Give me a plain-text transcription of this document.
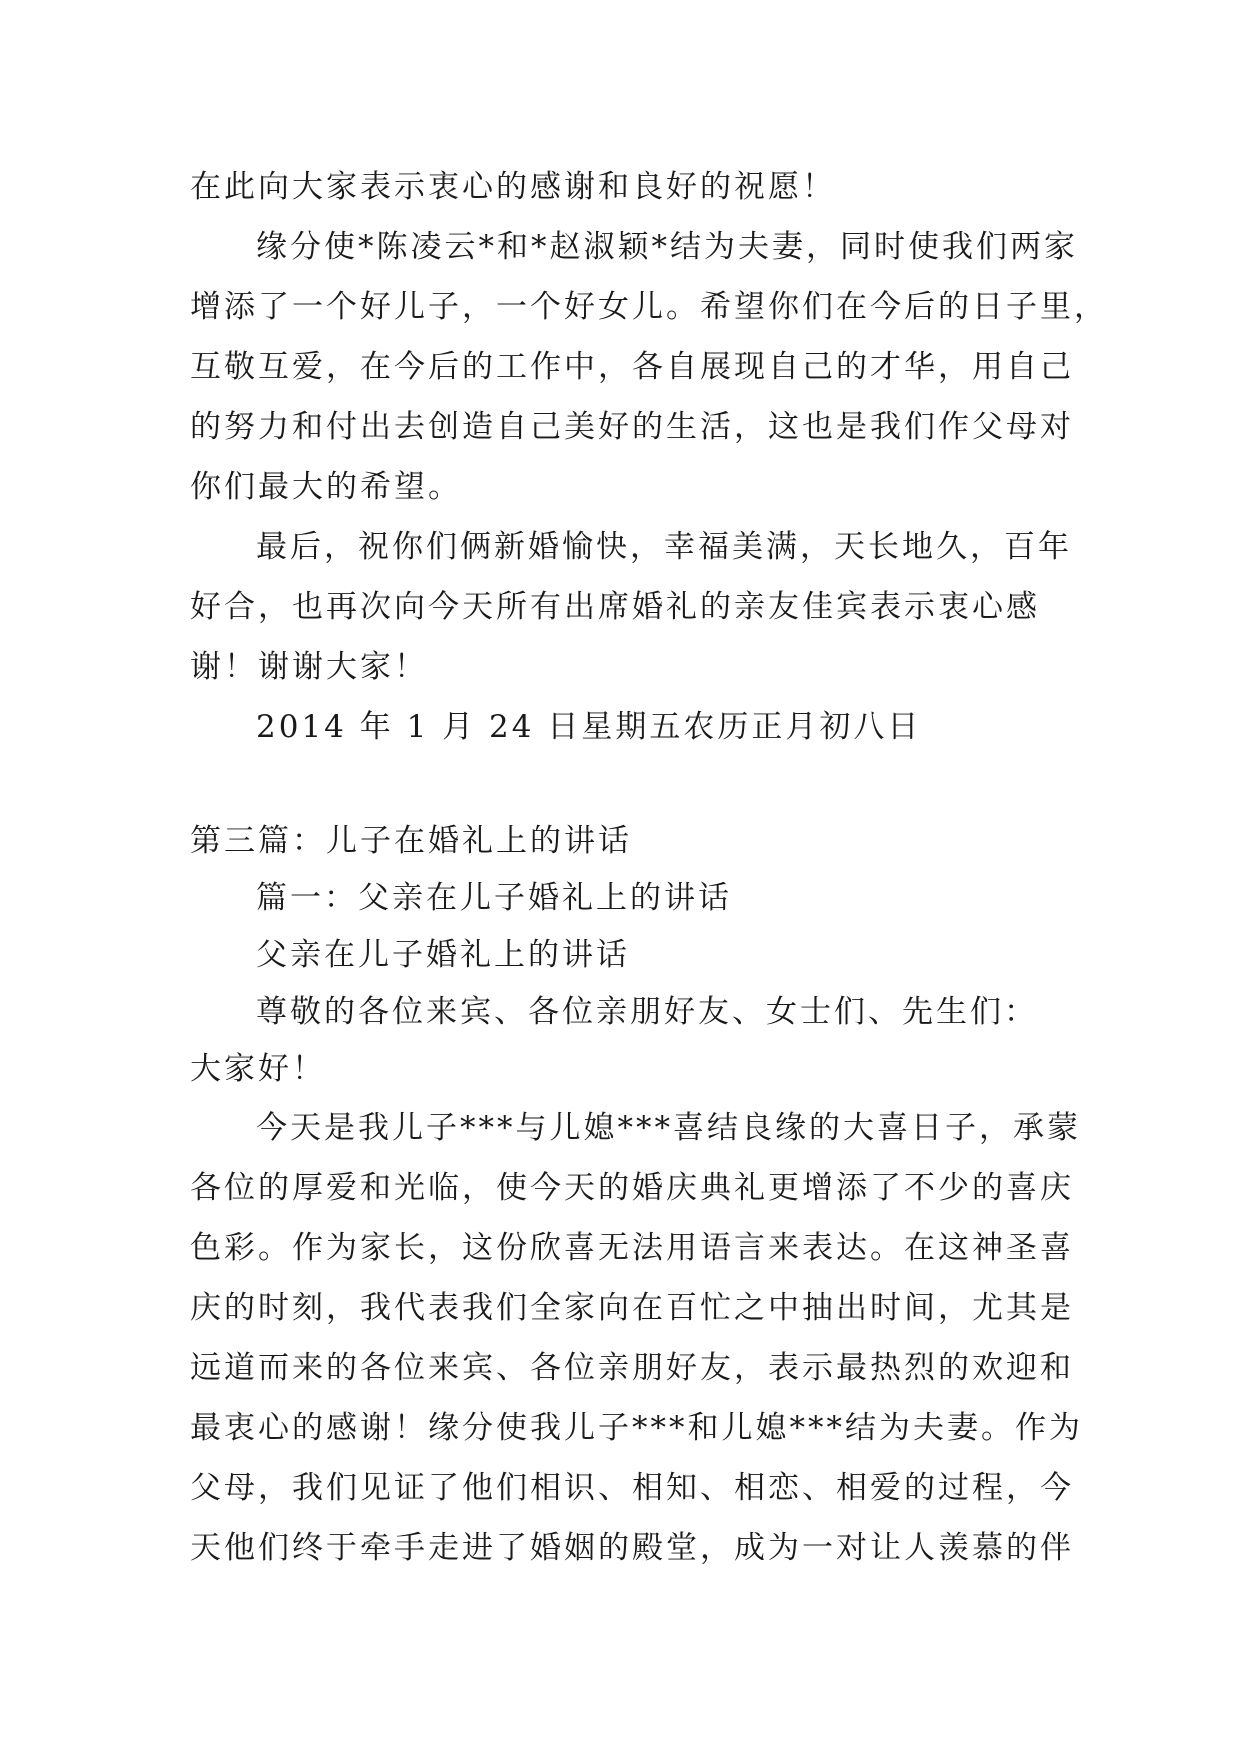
在此向大家表示衷心的感谢和良好的祝愿！

缘分使*陈凌云*和*赵淑颖*结为夫妻，同时使我们两家

增添了一个好儿子，一个好女儿。希望你们在今后的日子里，

互敬互爱，在今后的工作中，各自展现自己的才华，用自己

的努力和付出去创造自己美好的生活，这也是我们作父母对

你们最大的希望。

最后，祝你们俩新婚愉快，幸福美满，天长地久，百年

好合，也再次向今天所有出席婚礼的亲友佳宾表示衷心感

谢！谢谢大家！

2014 年 1 月 24 日星期五农历正月初八日

第三篇：儿子在婚礼上的讲话

篇一：父亲在儿子婚礼上的讲话

父亲在儿子婚礼上的讲话

尊敬的各位来宾、各位亲朋好友、女士们、先生们：

大家好！

今天是我儿子***与儿媳***喜结良缘的大喜日子，承蒙

各位的厚爱和光临，使今天的婚庆典礼更增添了不少的喜庆

色彩。作为家长，这份欣喜无法用语言来表达。在这神圣喜

庆的时刻，我代表我们全家向在百忙之中抽出时间，尤其是

远道而来的各位来宾、各位亲朋好友，表示最热烈的欢迎和

最衷心的感谢！缘分使我儿子***和儿媳***结为夫妻。作为

父母，我们见证了他们相识、相知、相恋、相爱的过程，今

天他们终于牵手走进了婚姻的殿堂，成为一对让人羡慕的伴
